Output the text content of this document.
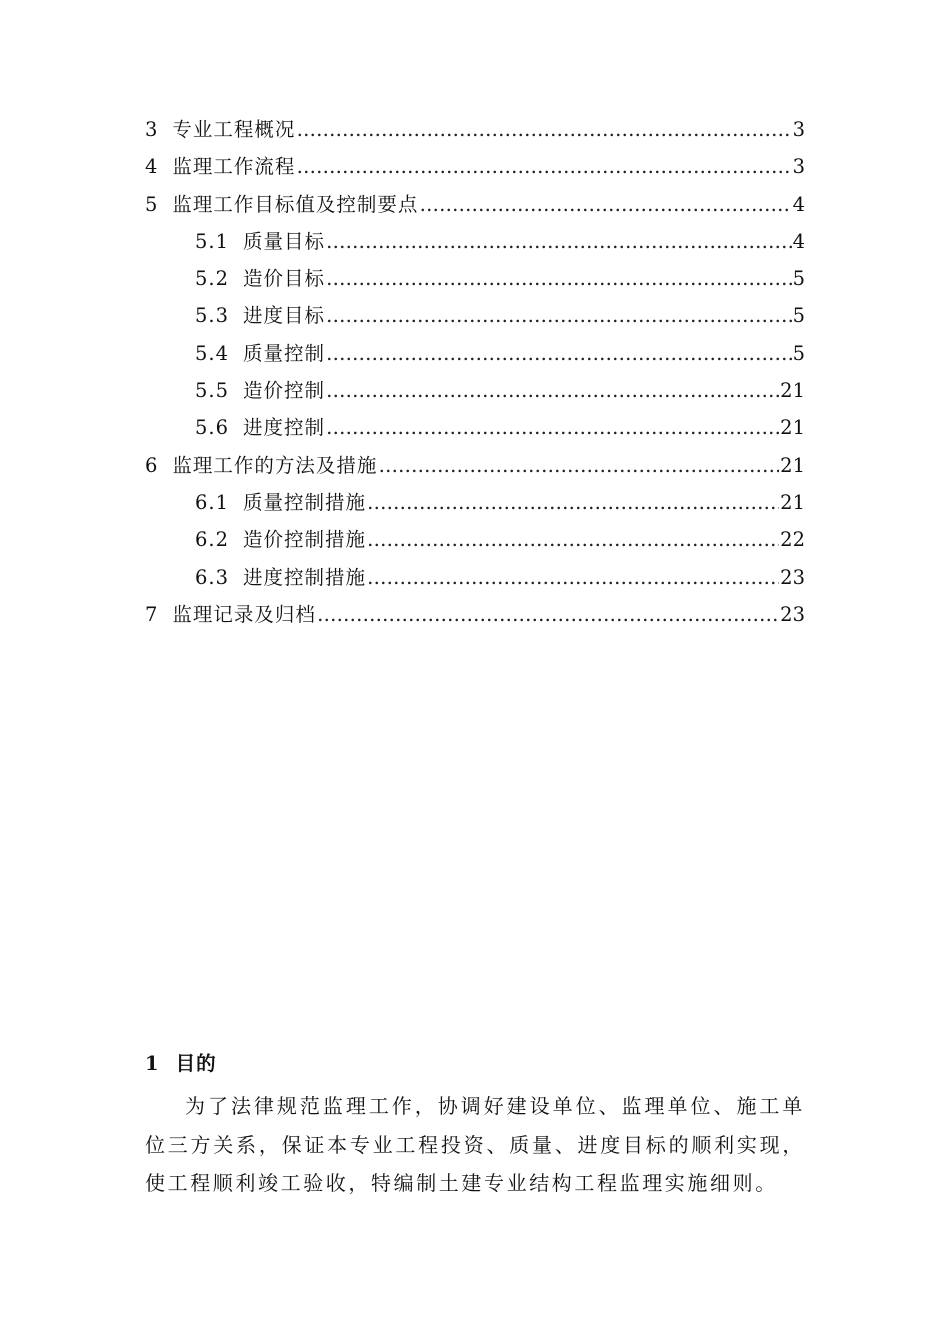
3 专业工程概况 ………………………………………………………………………………………………………………………………………………………………………………………………	3
4 监理工作流程 ………………………………………………………………………………………………………………………………………………………………………………………………	3
5 监理工作目标值及控制要点 ………………………………………………………………………………………………………………………………………………………………………………………………	4
5.1 质量目标 ………………………………………………………………………………………………………………………………………………………………………………………………	4
5.2 造价目标 ………………………………………………………………………………………………………………………………………………………………………………………………	5
5.3 进度目标 ………………………………………………………………………………………………………………………………………………………………………………………………	5
5.4 质量控制 ………………………………………………………………………………………………………………………………………………………………………………………………	5
5.5 造价控制 ………………………………………………………………………………………………………………………………………………………………………………………………	21
5.6 进度控制 ………………………………………………………………………………………………………………………………………………………………………………………………	21
6 监理工作的方法及措施 ………………………………………………………………………………………………………………………………………………………………………………………………	21
6.1 质量控制措施 ………………………………………………………………………………………………………………………………………………………………………………………………	21
6.2 造价控制措施 ………………………………………………………………………………………………………………………………………………………………………………………………	22
6.3 进度控制措施 ………………………………………………………………………………………………………………………………………………………………………………………………	23
7 监理记录及归档 ………………………………………………………………………………………………………………………………………………………………………………………………	23
1 目的

为了法律规范监理工作，协调好建设单位、监理单位、施工单位三方关系，保证本专业工程投资、质量、进度目标的顺利实现，使工程顺利竣工验收，特编制土建专业结构工程监理实施细则。
